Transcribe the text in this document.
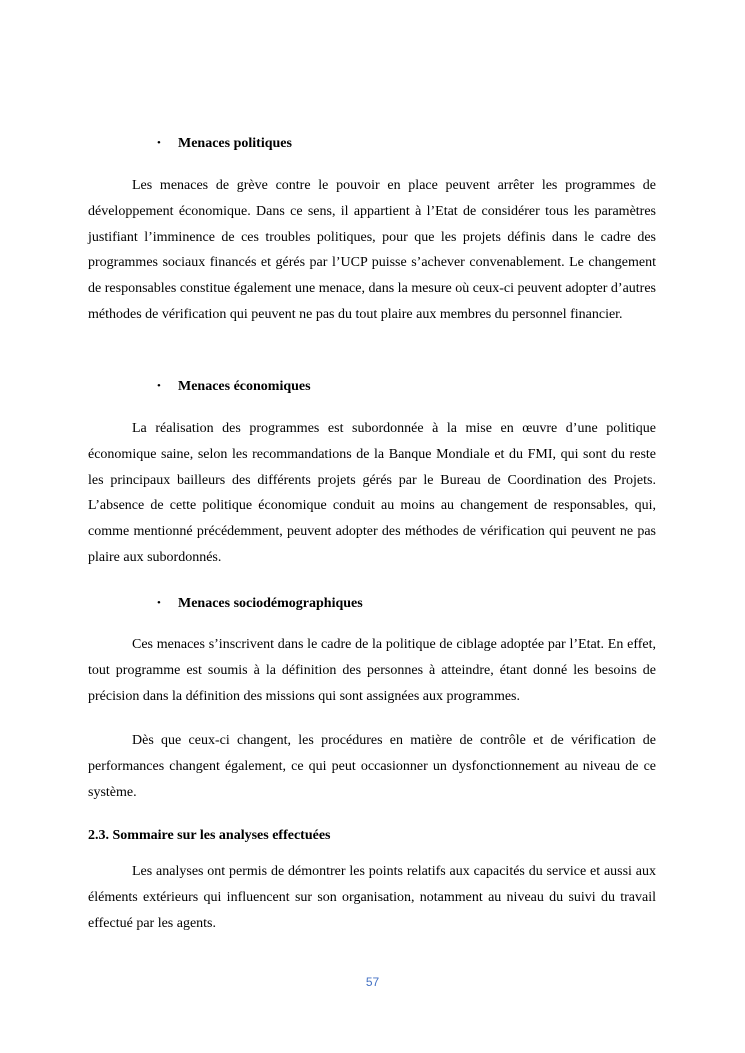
• Menaces politiques

Les menaces de grève contre le pouvoir en place peuvent arrêter les programmes de développement économique. Dans ce sens, il appartient à l’Etat de considérer tous les paramètres justifiant l’imminence de ces troubles politiques, pour que les projets définis dans le cadre des programmes sociaux financés et gérés par l’UCP puisse s’achever convenablement. Le changement de responsables constitue également une menace, dans la mesure où ceux-ci peuvent adopter d’autres méthodes de vérification qui peuvent ne pas du tout plaire aux membres du personnel financier.

• Menaces économiques

La réalisation des programmes est subordonnée à la mise en œuvre d’une politique économique saine, selon les recommandations de la Banque Mondiale et du FMI, qui sont du reste les principaux bailleurs des différents projets gérés par le Bureau de Coordination des Projets. L’absence de cette politique économique conduit au moins au changement de responsables, qui, comme mentionné précédemment, peuvent adopter des méthodes de vérification qui peuvent ne pas plaire aux subordonnés.

• Menaces sociodémographiques

Ces menaces s’inscrivent dans le cadre de la politique de ciblage adoptée par l’Etat. En effet, tout programme est soumis à la définition des personnes à atteindre, étant donné les besoins de précision dans la définition des missions qui sont assignées aux programmes.

Dès que ceux-ci changent, les procédures en matière de contrôle et de vérification de performances changent également, ce qui peut occasionner un dysfonctionnement au niveau de ce système.

2.3. Sommaire sur les analyses effectuées

Les analyses ont permis de démontrer les points relatifs aux capacités du service et aussi aux éléments extérieurs qui influencent sur son organisation, notamment au niveau du suivi du travail effectué par les agents.

57
